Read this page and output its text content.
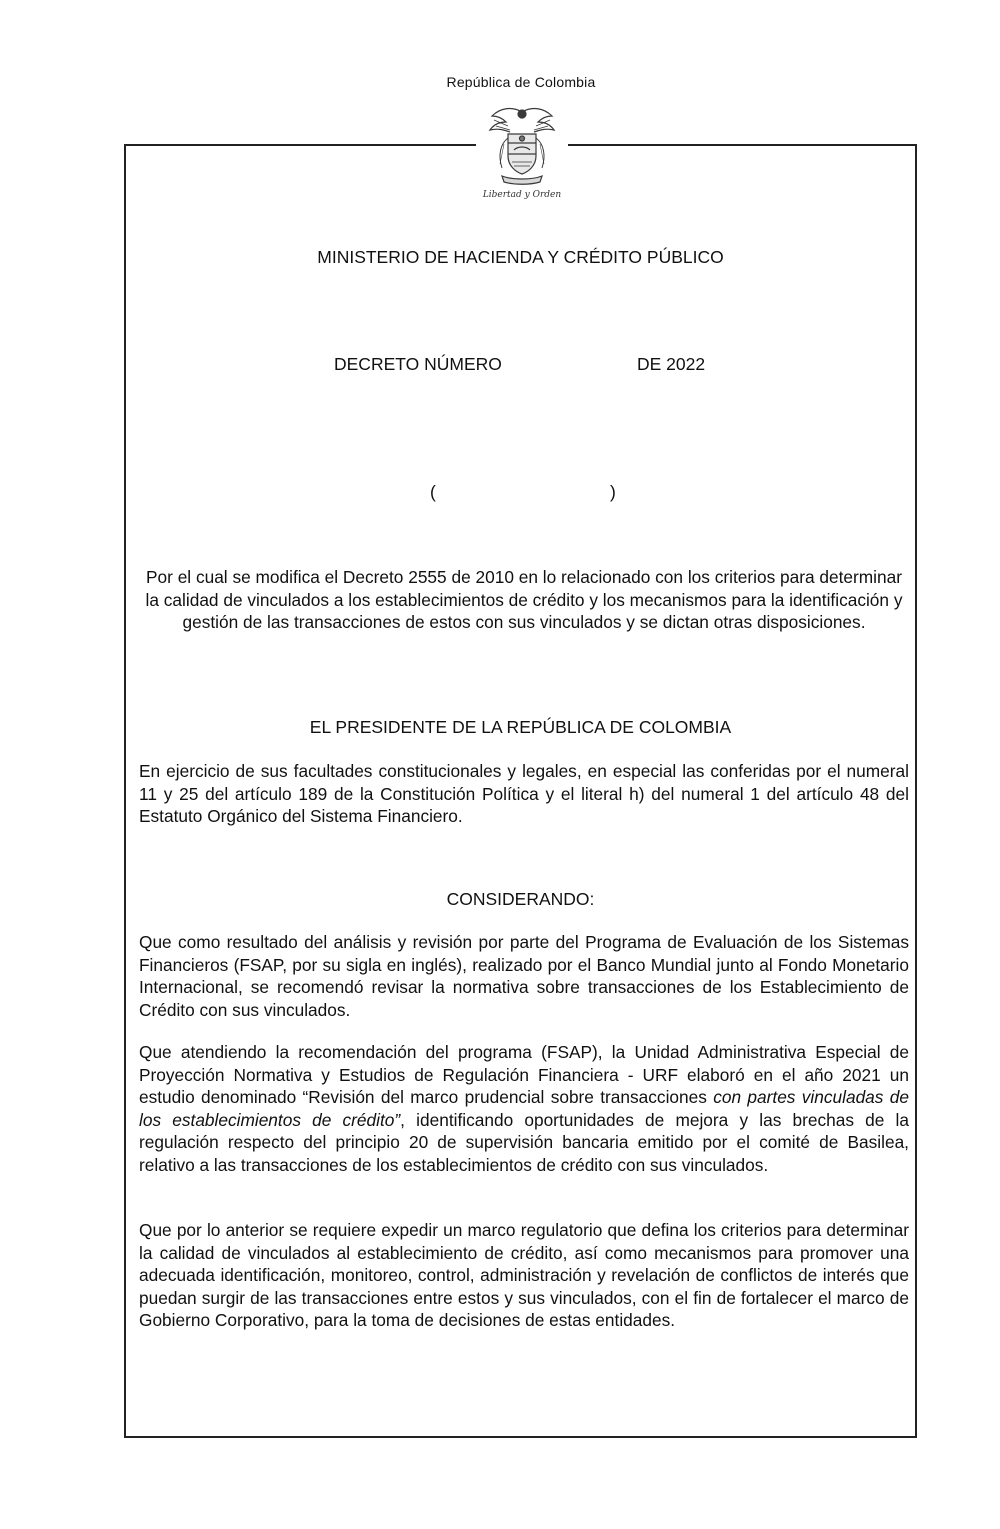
República de Colombia
Libertad y Orden
MINISTERIO DE HACIENDA Y CRÉDITO PÚBLICO
DECRETO NÚMERO	DE 2022
(	)
Por el cual se modifica el Decreto 2555 de 2010 en lo relacionado con los criterios para determinar la calidad de vinculados a los establecimientos de crédito y los mecanismos para la identificación y gestión de las transacciones de estos con sus vinculados y se dictan otras disposiciones.
EL PRESIDENTE DE LA REPÚBLICA DE COLOMBIA

En ejercicio de sus facultades constitucionales y legales, en especial las conferidas por el numeral 11 y 25 del artículo 189 de la Constitución Política y el literal h) del numeral 1 del artículo 48 del Estatuto Orgánico del Sistema Financiero.

CONSIDERANDO:

Que como resultado del análisis y revisión por parte del Programa de Evaluación de los Sistemas Financieros (FSAP, por su sigla en inglés), realizado por el Banco Mundial junto al Fondo Monetario Internacional, se recomendó revisar la normativa sobre transacciones de los Establecimiento de Crédito con sus vinculados.

Que atendiendo la recomendación del programa (FSAP), la Unidad Administrativa Especial de Proyección Normativa y Estudios de Regulación Financiera - URF elaboró en el año 2021 un estudio denominado “Revisión del marco prudencial sobre transacciones con partes vinculadas de los establecimientos de crédito”, identificando oportunidades de mejora y las brechas de la regulación respecto del principio 20 de supervisión bancaria emitido por el comité de Basilea, relativo a las transacciones de los establecimientos de crédito con sus vinculados.

Que por lo anterior se requiere expedir un marco regulatorio que defina los criterios para determinar la calidad de vinculados al establecimiento de crédito, así como mecanismos para promover una adecuada identificación, monitoreo, control, administración y revelación de conflictos de interés que puedan surgir de las transacciones entre estos y sus vinculados, con el fin de fortalecer el marco de Gobierno Corporativo, para la toma de decisiones de estas entidades.
